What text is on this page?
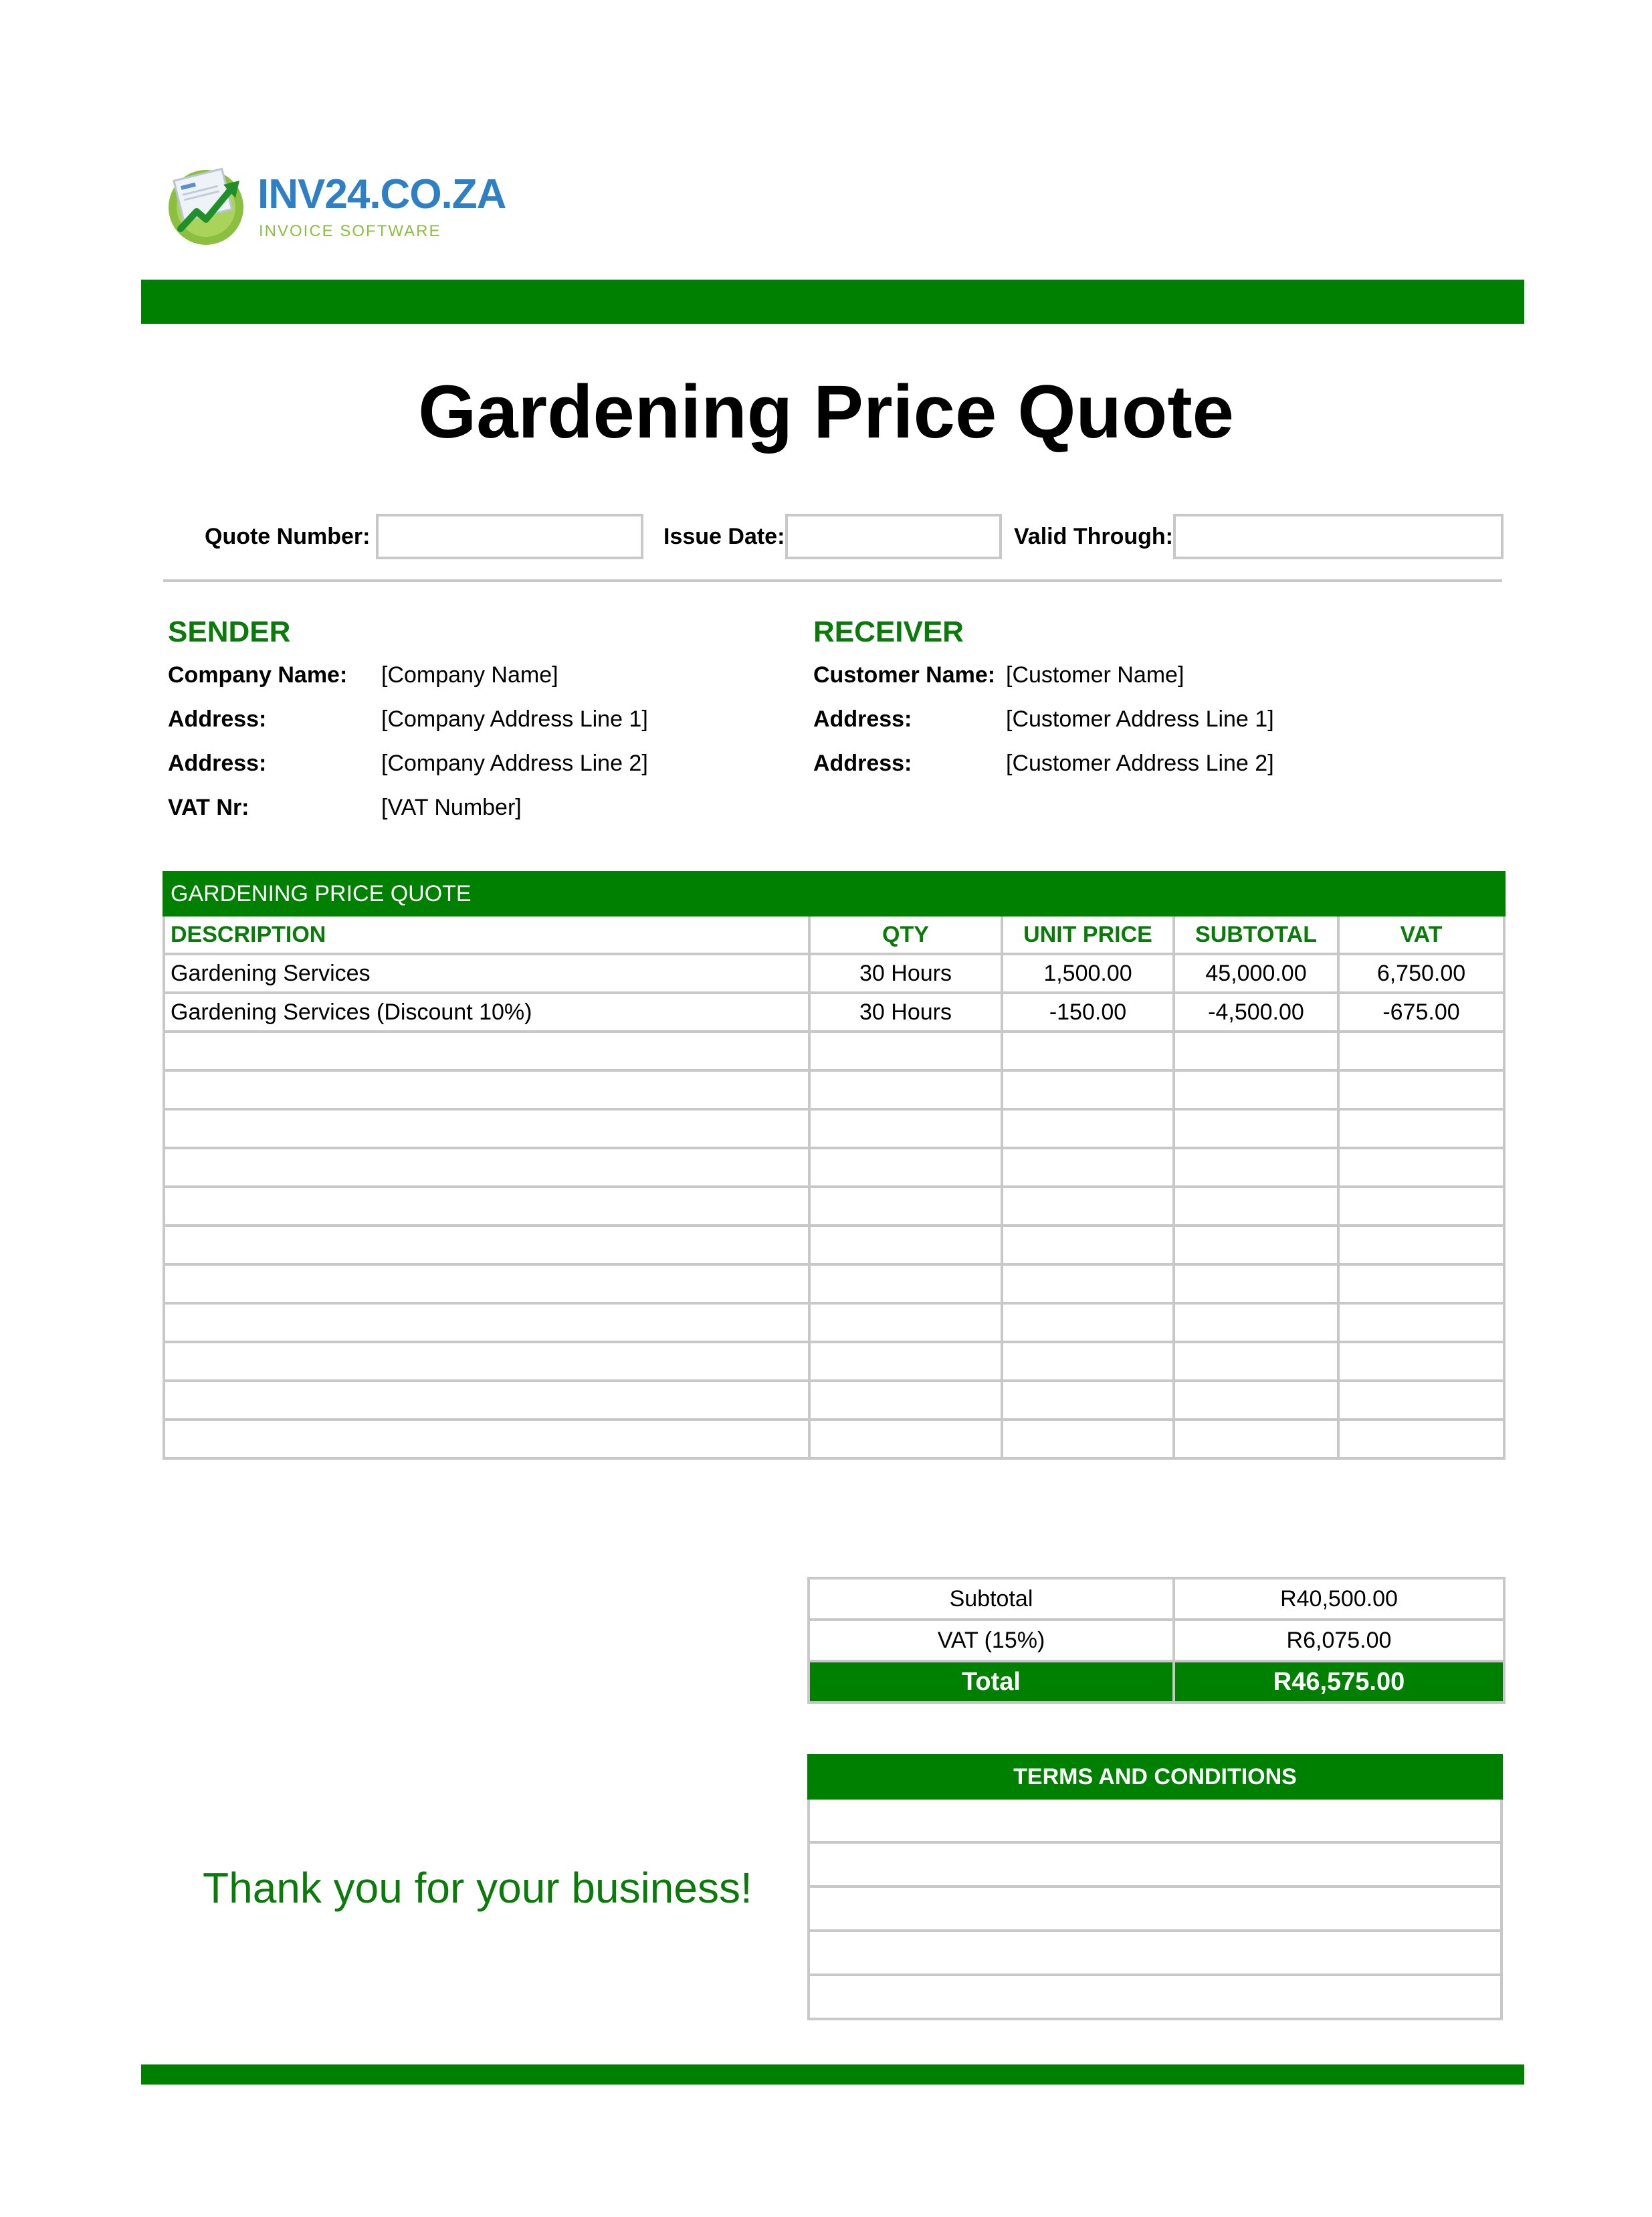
INV24.CO.ZA
INVOICE SOFTWARE
Gardening Price Quote
Quote Number:	Issue Date:	Valid Through:
SENDER
Company Name: [Company Name]
Address:	[Company Address Line 1]
Address:	[Company Address Line 2]
VAT Nr:	[VAT Number]
RECEIVER
Customer Name: [Customer Name]
Address:	[Customer Address Line 1]
Address:	[Customer Address Line 2]
GARDENING PRICE QUOTE				
DESCRIPTION	QTY	UNIT PRICE	SUBTOTAL	VAT
Gardening Services	30 Hours	1,500.00	45,000.00	6,750.00
Gardening Services (Discount 10%)	30 Hours	-150.00	-4,500.00	-675.00

Subtotal	R40,500.00
VAT (15%)	R6,075.00
Total	R46,575.00
TERMS AND CONDITIONS

Thank you for your business!
